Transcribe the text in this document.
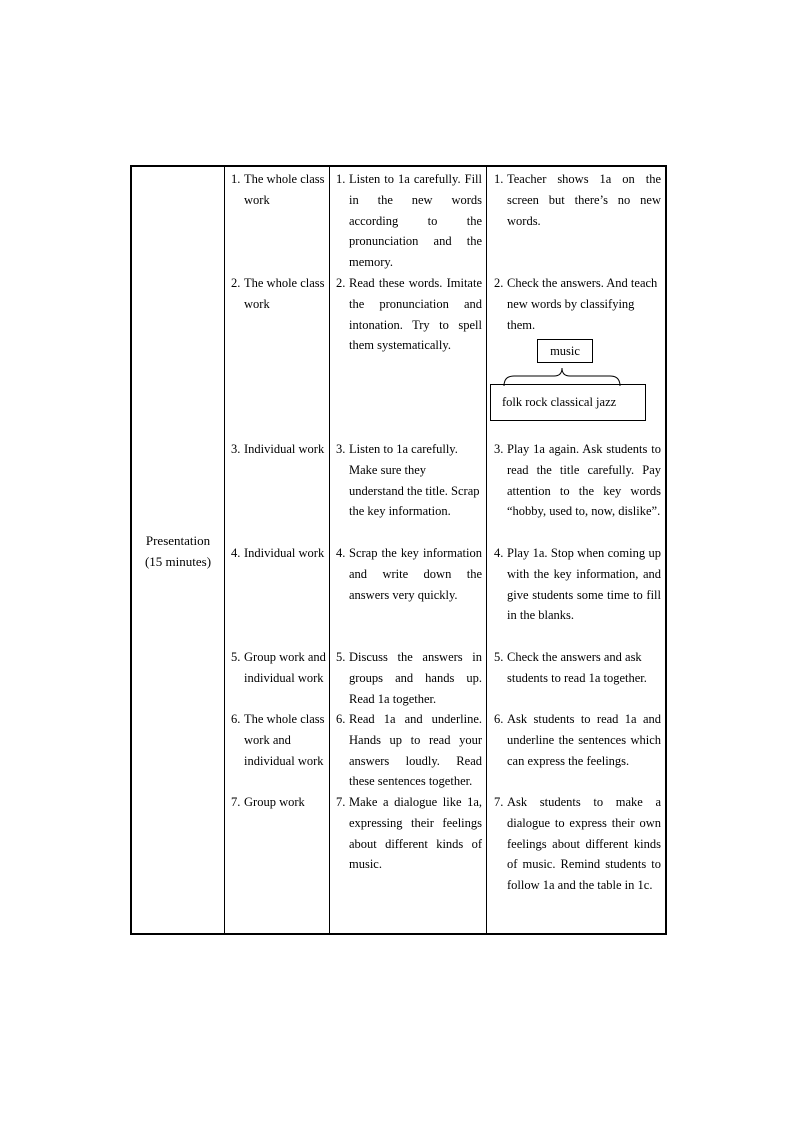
Presentation
(15 minutes)
1. The whole class work
1. Listen to 1a carefully. Fill in the new words according to the pronunciation and the memory.
1. Teacher shows 1a on the screen but there’s no new words.
2. The whole class work
2. Read these words. Imitate the pronunciation and intonation. Try to spell them systematically.
2. Check the answers. And teach new words by classifying them.
music
folk rock classical jazz
3. Individual work 3. Listen to 1a carefully. Make sure they understand the title. Scrap the key information.
3. Play 1a again. Ask students to read the title carefully. Pay attention to the key words “hobby, used to, now, dislike”.
4. Individual work 4. Scrap the key information and write down the answers very quickly.
4. Play 1a. Stop when coming up with the key information, and give students some time to fill in the blanks.
5. Group work and individual work
5. Discuss the answers in groups and hands up. Read 1a together.
5. Check the answers and ask students to read 1a together.
6. The whole class work and individual work
6. Read 1a and underline. Hands up to read your answers loudly. Read these sentences together.
6. Ask students to read 1a and underline the sentences which can express the feelings.
7. Group work	7. Make a dialogue like 1a, expressing their feelings about different kinds of music.
7. Ask students to make a dialogue to express their own feelings about different kinds of music. Remind students to follow 1a and the table in 1c.
